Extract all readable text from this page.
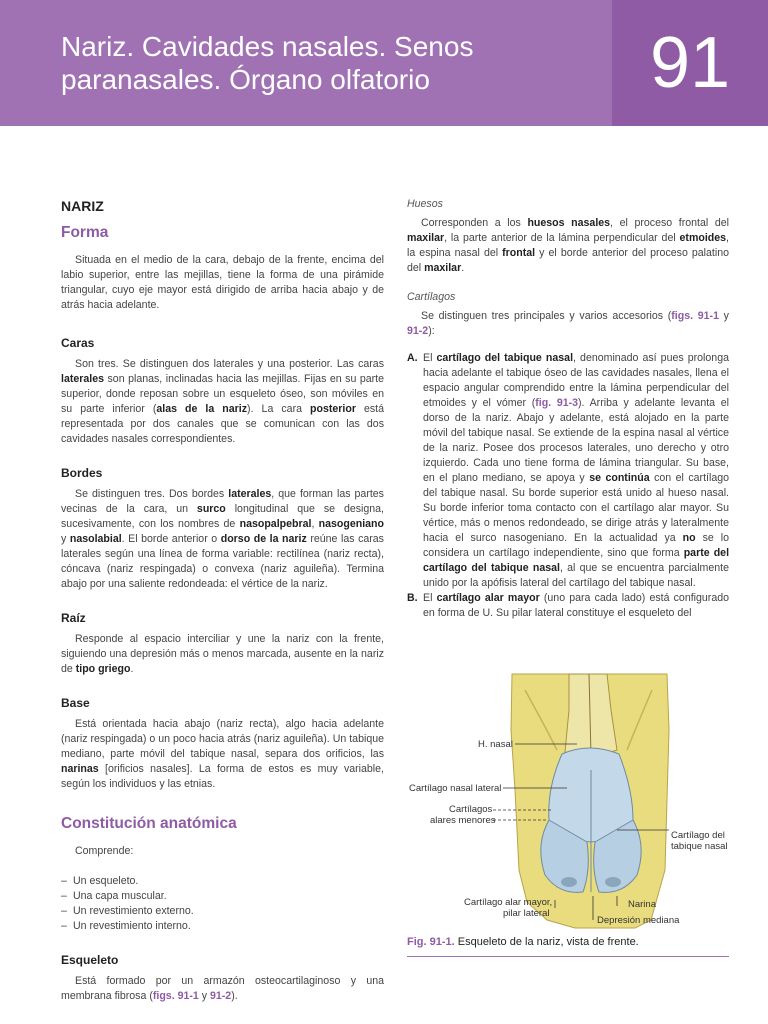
Nariz. Cavidades nasales. Senos paranasales. Órgano olfatorio	91
NARIZ
Forma

Situada en el medio de la cara, debajo de la frente, encima del labio superior, entre las mejillas, tiene la forma de una pirámide triangular, cuyo eje mayor está dirigido de arriba hacia abajo y de atrás hacia adelante.

Caras

Son tres. Se distinguen dos laterales y una posterior. Las caras laterales son planas, inclinadas hacia las mejillas. Fijas en su parte superior, donde reposan sobre un esqueleto óseo, son móviles en su parte inferior (alas de la nariz). La cara posterior está representada por dos canales que se comunican con las dos cavidades nasales correspondientes.

Bordes

Se distinguen tres. Dos bordes laterales, que forman las partes vecinas de la cara, un surco longitudinal que se designa, sucesivamente, con los nombres de nasopalpebral, nasogeniano y nasolabial. El borde anterior o dorso de la nariz reúne las caras laterales según una línea de forma variable: rectilínea (nariz recta), cóncava (nariz respingada) o convexa (nariz aguileña). Termina abajo por una saliente redondeada: el vértice de la nariz.

Raíz

Responde al espacio interciliar y une la nariz con la frente, siguiendo una depresión más o menos marcada, ausente en la nariz de tipo griego.

Base

Está orientada hacia abajo (nariz recta), algo hacia adelante (nariz respingada) o un poco hacia atrás (nariz aguileña). Un tabique mediano, parte móvil del tabique nasal, separa dos orificios, las narinas [orificios nasales]. La forma de estos es muy variable, según los individuos y las etnias.

Constitución anatómica

Comprende:

– Un esqueleto.
– Una capa muscular.
– Un revestimiento externo.
– Un revestimiento interno.
Esqueleto

Está formado por un armazón osteocartilaginoso y una membrana fibrosa (figs. 91-1 y 91-2).

Huesos

Corresponden a los huesos nasales, el proceso frontal del maxilar, la parte anterior de la lámina perpendicular del etmoides, la espina nasal del frontal y el borde anterior del proceso palatino del maxilar.

Cartílagos

Se distinguen tres principales y varios accesorios (figs. 91-1 y 91-2):

A. El cartílago del tabique nasal, denominado así pues prolonga hacia adelante el tabique óseo de las cavidades nasales, llena el espacio angular comprendido entre la lámina perpendicular del etmoides y el vómer (fig. 91-3). Arriba y adelante levanta el dorso de la nariz. Abajo y adelante, está alojado en la parte móvil del tabique nasal. Se extiende de la espina nasal al vértice de la nariz. Posee dos procesos laterales, uno derecho y otro izquierdo. Cada uno tiene forma de lámina triangular. Su base, en el plano mediano, se apoya y se continúa con el cartílago del tabique nasal. Su borde superior está unido al hueso nasal. Su borde inferior toma contacto con el cartílago alar mayor. Su vértice, más o menos redondeado, se dirige atrás y lateralmente hacia el surco nasogeniano. En la actualidad ya no se lo considera un cartílago independiente, sino que forma parte del cartílago del tabique nasal, al que se encuentra parcialmente unido por la apófisis lateral del cartílago del tabique nasal.
B. El cartílago alar mayor (uno para cada lado) está configurado en forma de U. Su pilar lateral constituye el esqueleto del
H. nasal
Cartílago nasal lateral
Cartílagos
alares menores
Cartílago del
tabique nasal
Cartílago alar mayor,
pilar lateral
Narina
Depresión mediana
Fig. 91-1. Esqueleto de la nariz, vista de frente.
